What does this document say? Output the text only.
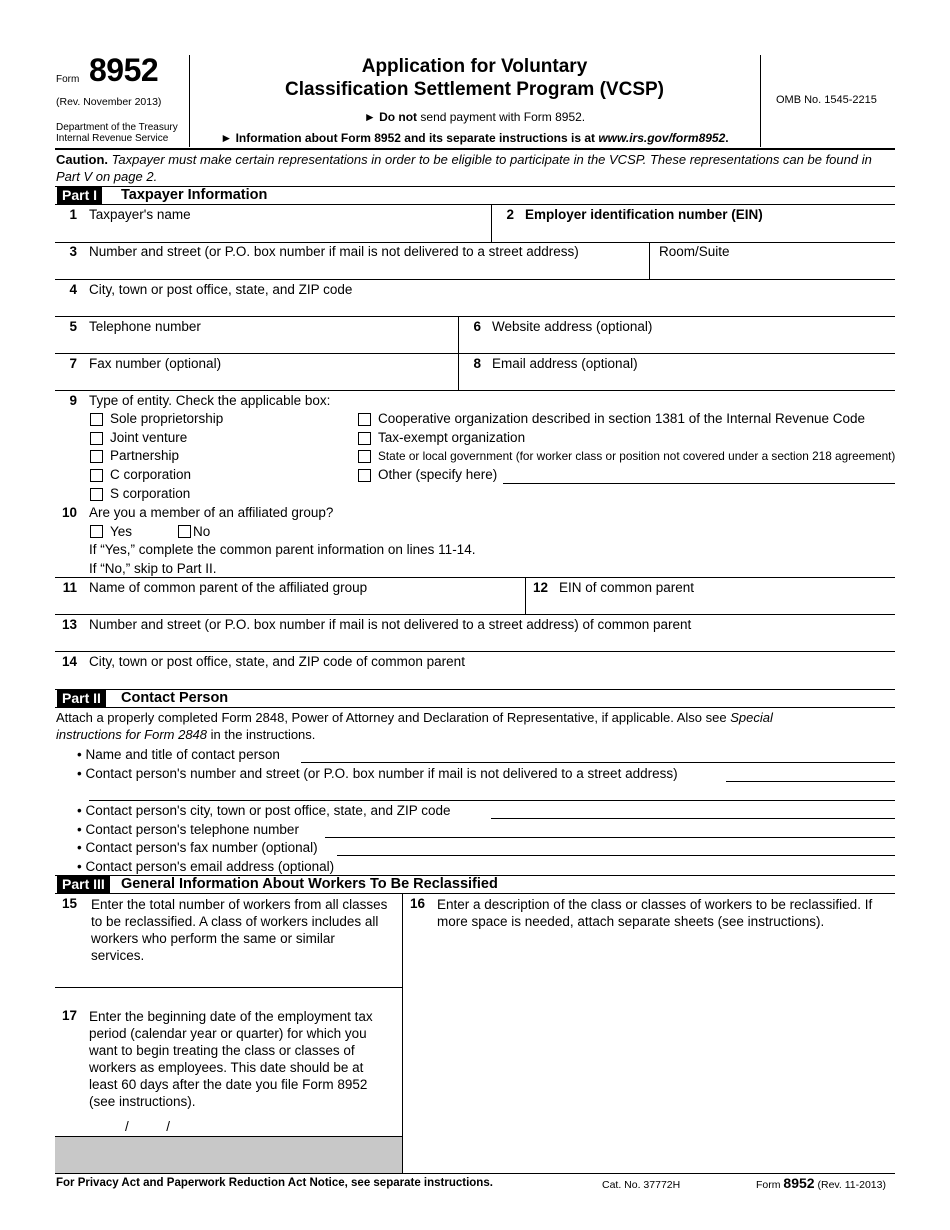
Form 8952
(Rev. November 2013)
Department of the Treasury
Internal Revenue Service
Application for Voluntary
Classification Settlement Program (VCSP)
► Do not send payment with Form 8952.
► Information about Form 8952 and its separate instructions is at www.irs.gov/form8952.
OMB No. 1545-2215
Caution. Taxpayer must make certain representations in order to be eligible to participate in the VCSP. These representations can be found in
Part V on page 2.
Part I	Taxpayer Information
1 Taxpayer's name	2 Employer identification number (EIN)
3 Number and street (or P.O. box number if mail is not delivered to a street address)	Room/Suite
4 City, town or post office, state, and ZIP code
5 Telephone number	6 Website address (optional)
7 Fax number (optional)	8 Email address (optional)
9 Type of entity. Check the applicable box:
Sole proprietorship
Joint venture
Partnership
C corporation
S corporation
Cooperative organization described in section 1381 of the Internal Revenue Code
Tax-exempt organization
State or local government (for worker class or position not covered under a section 218 agreement)
Other (specify here)
10 Are you a member of an affiliated group?
Yes	No
If “Yes,” complete the common parent information on lines 11-14.
If “No,” skip to Part II.
11 Name of common parent of the affiliated group	12 EIN of common parent
13 Number and street (or P.O. box number if mail is not delivered to a street address) of common parent
14 City, town or post office, state, and ZIP code of common parent
Part II	Contact Person
Attach a properly completed Form 2848, Power of Attorney and Declaration of Representative, if applicable. Also see Special
instructions for Form 2848 in the instructions.
• Name and title of contact person
• Contact person's number and street (or P.O. box number if mail is not delivered to a street address)
• Contact person's city, town or post office, state, and ZIP code
• Contact person's telephone number
• Contact person's fax number (optional)
• Contact person's email address (optional)
Part III	General Information About Workers To Be Reclassified
15 Enter the total number of workers from all classes
to be reclassified. A class of workers includes all
workers who perform the same or similar
services.
16 Enter a description of the class or classes of workers to be reclassified. If
more space is needed, attach separate sheets (see instructions).
17 Enter the beginning date of the employment tax
period (calendar year or quarter) for which you
want to begin treating the class or classes of
workers as employees. This date should be at
least 60 days after the date you file Form 8952
(see instructions).
/          /
For Privacy Act and Paperwork Reduction Act Notice, see separate instructions.	Cat. No. 37772H	Form 8952 (Rev. 11-2013)
